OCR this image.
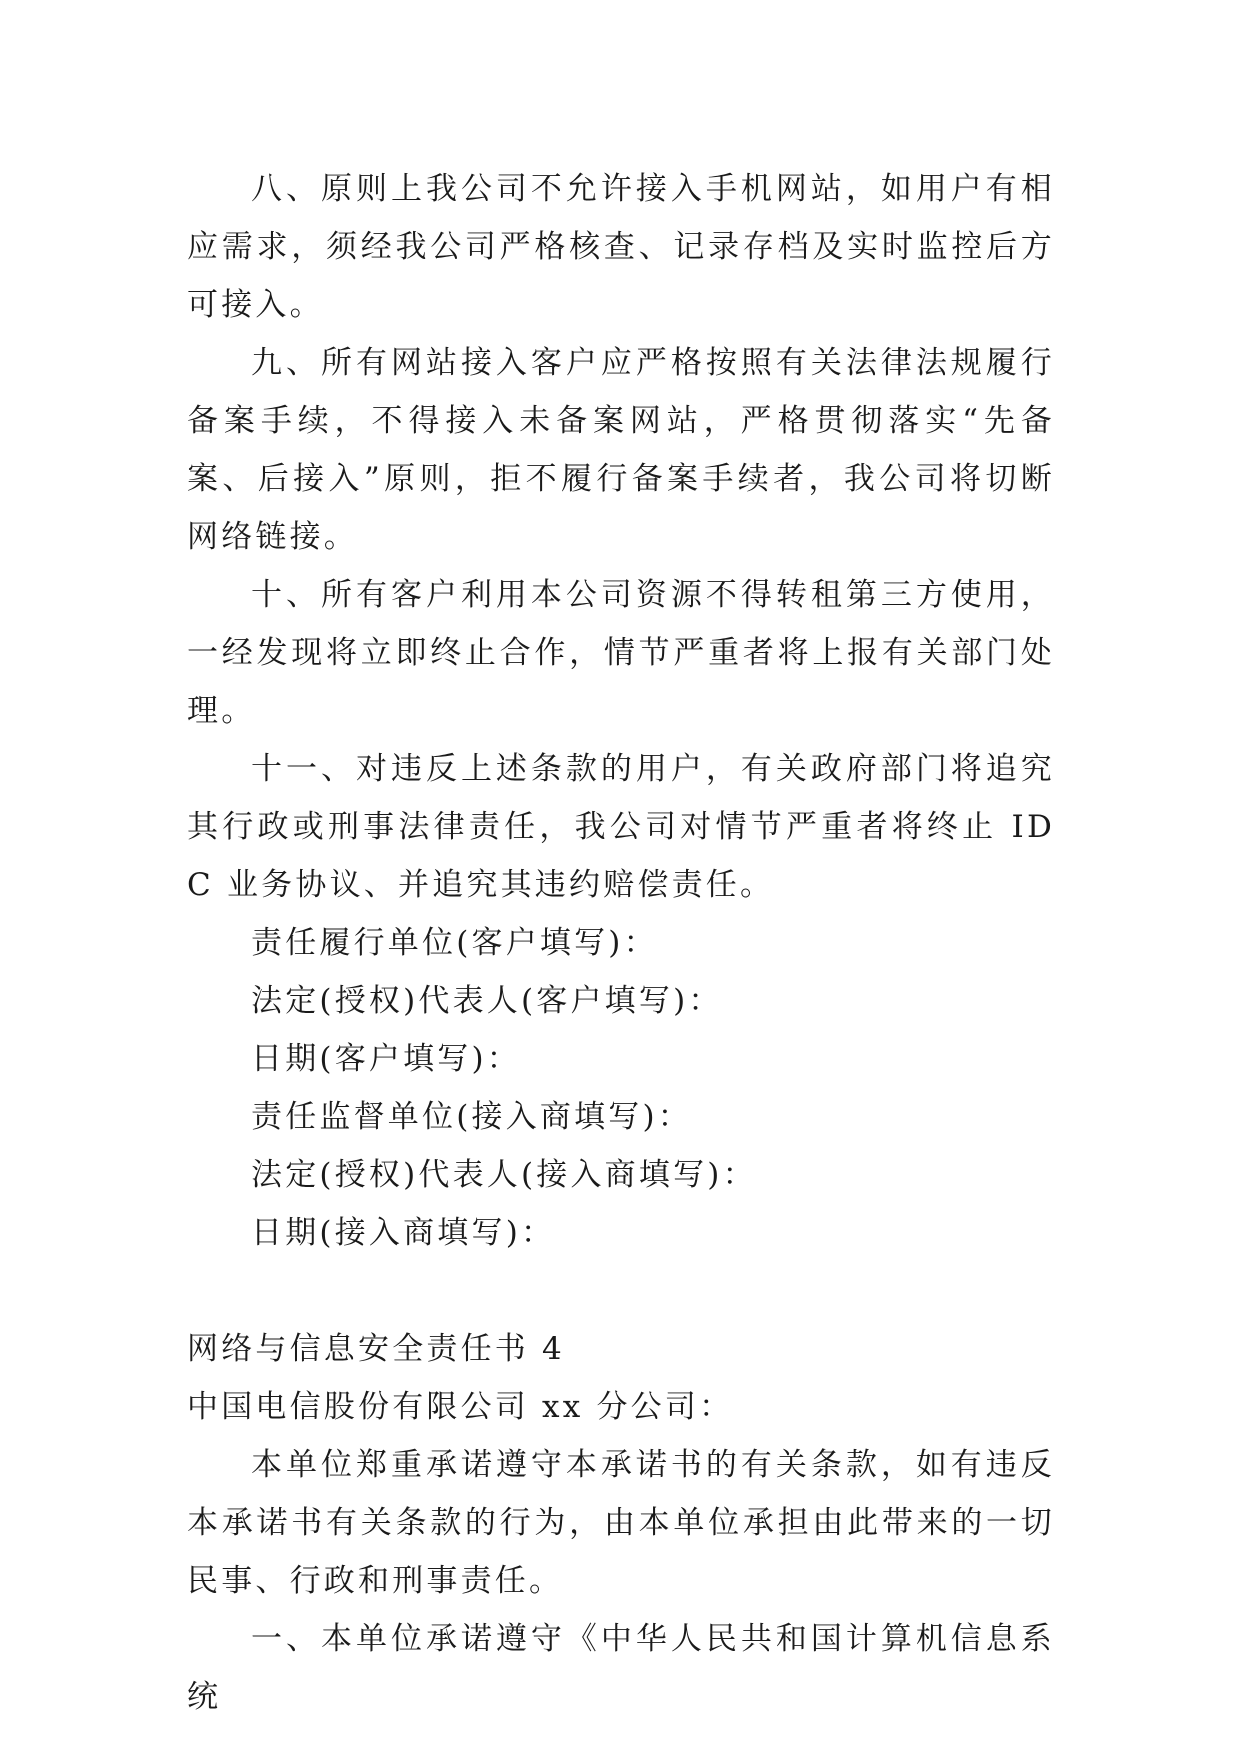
八、原则上我公司不允许接入手机网站，如用户有相应需求，须经我公司严格核查、记录存档及实时监控后方可接入。

九、所有网站接入客户应严格按照有关法律法规履行备案手续，不得接入未备案网站，严格贯彻落实“先备案、后接入”原则，拒不履行备案手续者，我公司将切断网络链接。

十、所有客户利用本公司资源不得转租第三方使用，一经发现将立即终止合作，情节严重者将上报有关部门处理。

十一、对违反上述条款的用户，有关政府部门将追究其行政或刑事法律责任，我公司对情节严重者将终止 IDC 业务协议、并追究其违约赔偿责任。

责任履行单位(客户填写)：

法定(授权)代表人(客户填写)：

日期(客户填写)：

责任监督单位(接入商填写)：

法定(授权)代表人(接入商填写)：

日期(接入商填写)：

网络与信息安全责任书 4

中国电信股份有限公司 xx 分公司：

本单位郑重承诺遵守本承诺书的有关条款，如有违反本承诺书有关条款的行为，由本单位承担由此带来的一切民事、行政和刑事责任。

一、本单位承诺遵守《中华人民共和国计算机信息系统
